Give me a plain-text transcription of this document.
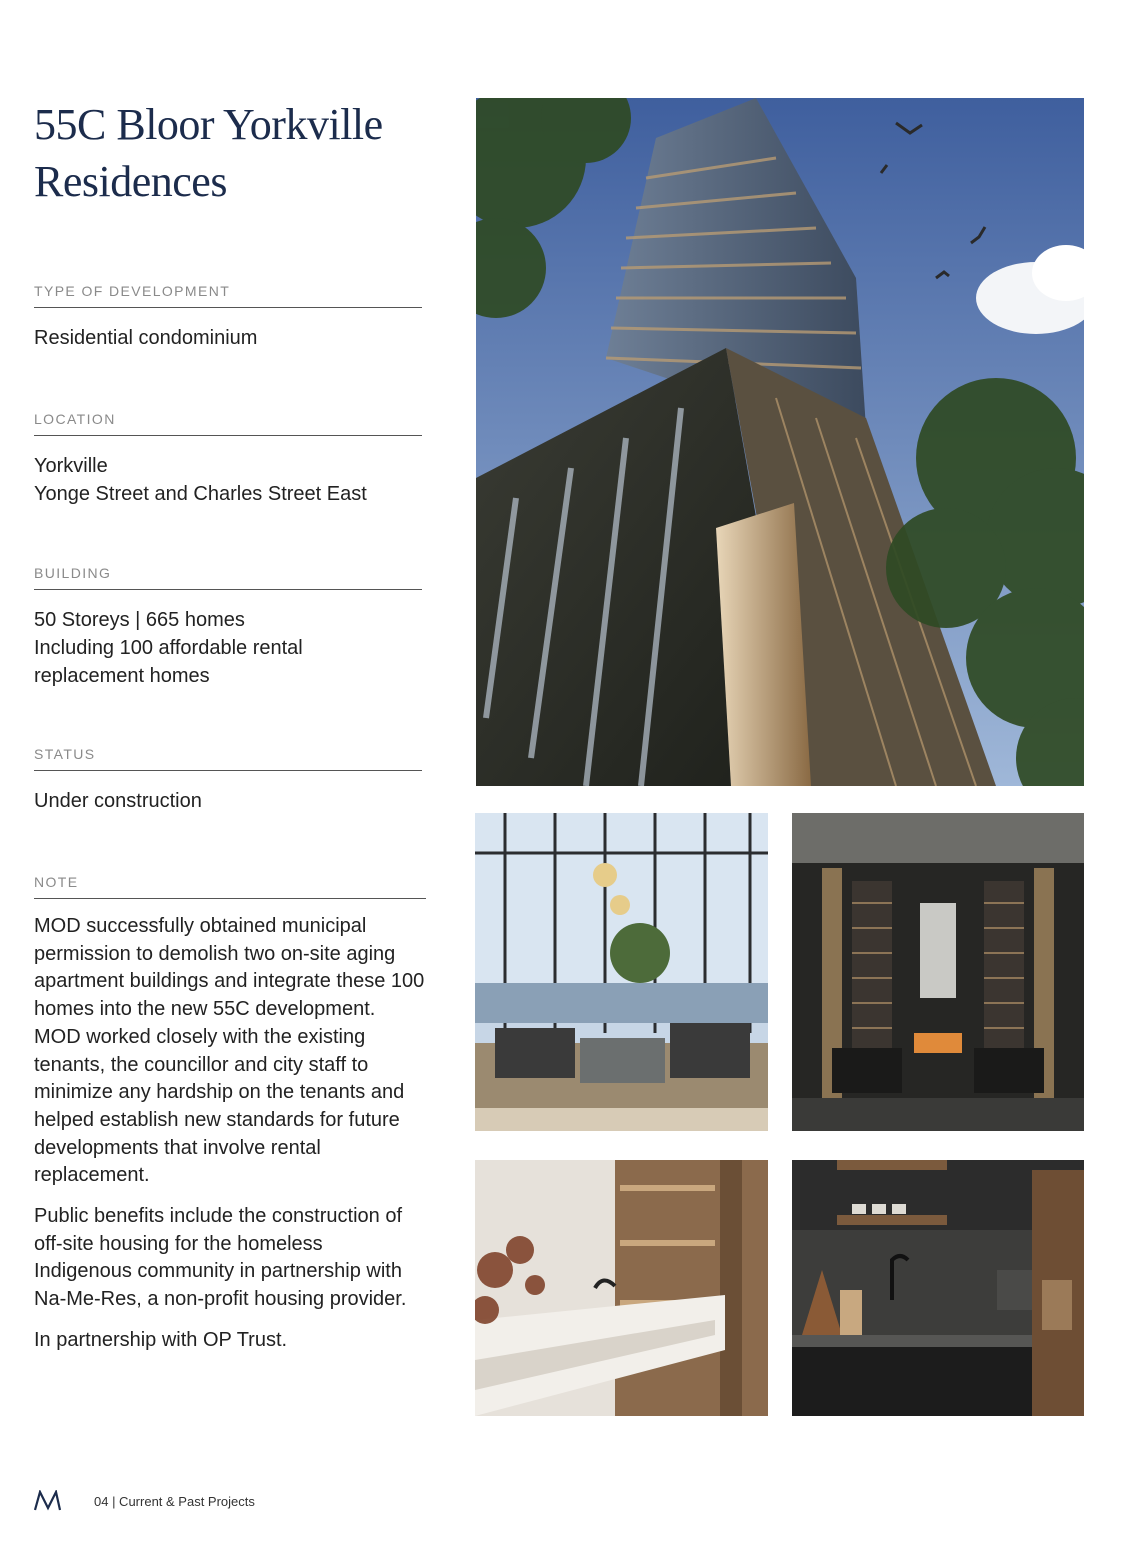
55C Bloor Yorkville
Residences
TYPE OF DEVELOPMENT
Residential condominium
LOCATION
Yorkville
Yonge Street and Charles Street East
BUILDING
50 Storeys | 665 homes
Including 100 affordable rental
replacement homes
STATUS
Under construction
NOTE

MOD successfully obtained municipal permission to demolish two on-site aging apartment buildings and integrate these 100 homes into the new 55C development. MOD worked closely with the existing tenants, the councillor and city staff to minimize any hardship on the tenants and helped establish new standards for future developments that involve rental replacement.

Public benefits include the construction of off-site housing for the homeless Indigenous community in partnership with Na-Me-Res, a non-profit housing provider.

In partnership with OP Trust.

04 | Current & Past Projects
